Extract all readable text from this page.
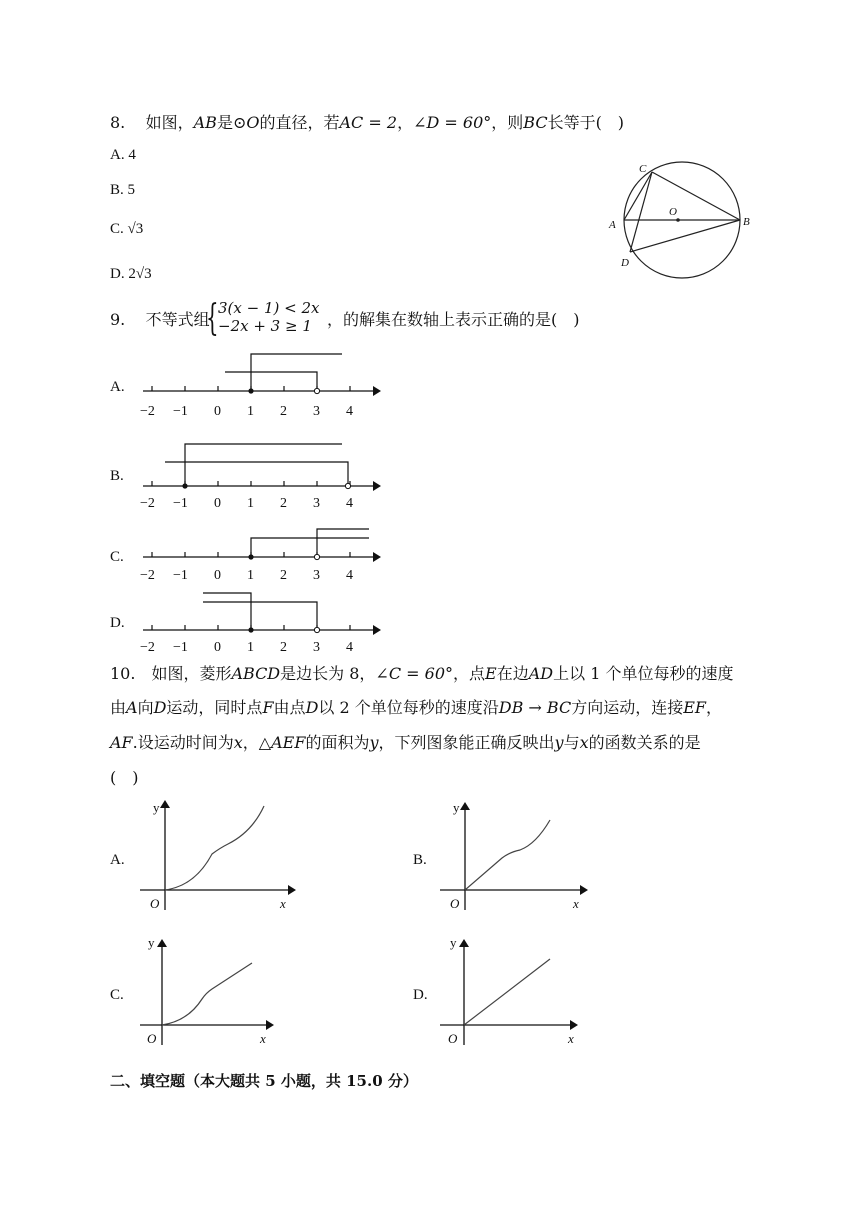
8. 如图，AB是⊙O的直径，若AC = 2，∠D = 60°，则BC长等于(　)
A. 4
B. 5
C. √3
D. 2√3
C
O
A	B
D
9. 不等式组
{ 3(x − 1) < 2x
−2x + 3 ≥ 1 ，的解集在数轴上表示正确的是(　)
A.
B.
C.
D.
−2 −1 0 1 2 3 4
−2 −1 0 1 2 3 4
−2 −1 0 1 2 3 4
−2 −1 0 1 2 3 4
10.　如图，菱形ABCD是边长为 8，∠C = 60°，点E在边AD上以 1 个单位每秒的速度
由A向D运动，同时点F由点D以 2 个单位每秒的速度沿DB → BC方向运动，连接EF，
AF.设运动时间为x，△AEF的面积为y，下列图象能正确反映出y与x的函数关系的是
(　)
A.	B.
C.	D.
y
x
O
y
x
O
y
x
O
y
x
O
二、填空题（本大题共 5 小题，共 15.0 分）
